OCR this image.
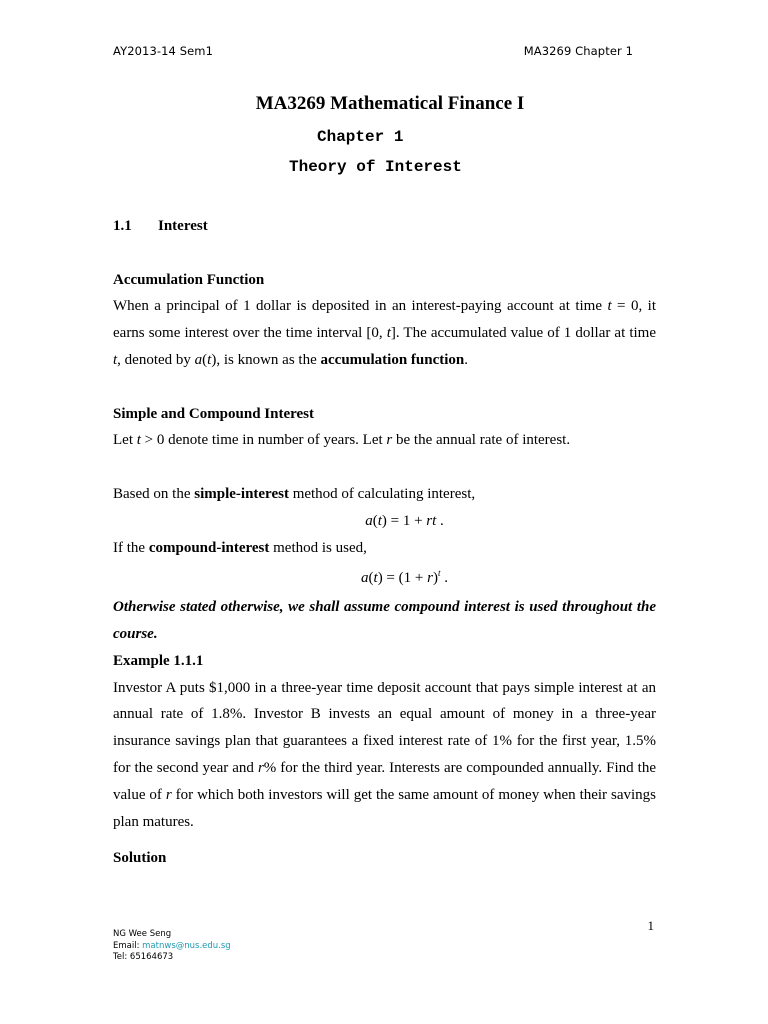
AY2013-14 Sem1	MA3269 Chapter 1
MA3269 Mathematical Finance I
Chapter 1
Theory of Interest

1.1 Interest

Accumulation Function

When a principal of 1 dollar is deposited in an interest-paying account at time t = 0, it earns some interest over the time interval [0, t]. The accumulated value of 1 dollar at time t, denoted by a(t), is known as the accumulation function.

Simple and Compound Interest

Let t > 0 denote time in number of years. Let r be the annual rate of interest.

Based on the simple-interest method of calculating interest,

a(t) = 1 + rt .

If the compound-interest method is used,

$a(t) = (1 + r)^t$ .

Otherwise stated otherwise, we shall assume compound interest is used throughout the course.

Example 1.1.1

Investor A puts $1,000 in a three-year time deposit account that pays simple interest at an annual rate of 1.8%. Investor B invests an equal amount of money in a three-year insurance savings plan that guarantees a fixed interest rate of 1% for the first year, 1.5% for the second year and r% for the third year. Interests are compounded annually. Find the value of r for which both investors will get the same amount of money when their savings plan matures.

Solution

1
NG Wee Seng
Email: matnws@nus.edu.sg
Tel: 65164673
